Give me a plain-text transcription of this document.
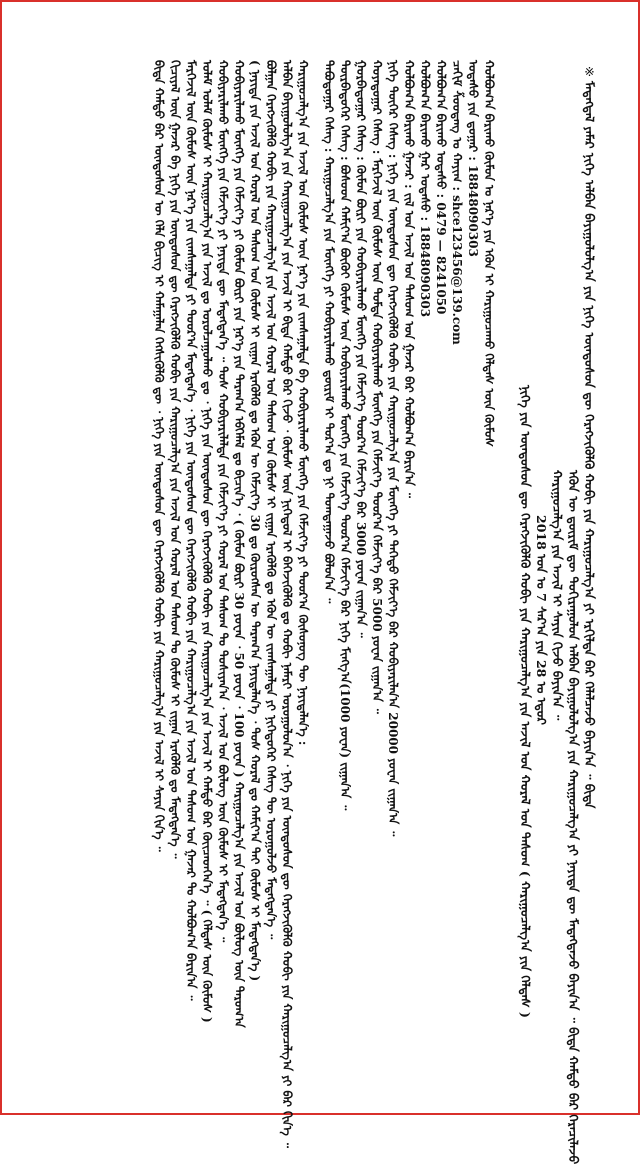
※ᠮᠡᠳᠡᠭᠳᠡᠯ ᠶᠠᠮᠠᠷ ᠨᠢᠭᠡ ᠠᠯᠪᠠᠨ ᠪᠠᠶᠢᠭᠤᠯᠤᠯᠭ᠎ᠠ ᠶᠢᠨ ᠨᠢᠭᠡ ᠦᠨᠳᠦᠰᠦᠨ ᠳᠦ ᠬᠡᠷᠡᠭᠵᠢᠭᠦᠯᠬᠦ ᠬᠤᠪᠢ ᠶᠢᠨ ᠬᠠᠷᠢᠭᠤᠴᠠᠯᠭ᠎ᠠ ᠶᠢ ᠡᠷᠭᠢᠯᠳᠡ ᠪᠠᠷ ᠬᠡᠯᠡᠯᠴᠡᠵᠦ ᠪᠠᠶᠢᠨ᠎ᠠ ᠃ ᠪᠢᠳᠡ
ᠡᠭᠦᠨ ᠦ ᠳ᠋ᠦᠷᠢᠮ ᠳᠦ ᠲᠤᠬᠢᠷᠠᠭᠤᠯᠤᠨ ᠠᠯᠪᠠᠨ ᠪᠠᠶᠢᠭᠤᠯᠤᠯᠭ᠎ᠠ ᠶᠢᠨ ᠬᠠᠷᠢᠭᠤᠴᠠᠯᠭ᠎ᠠ ᠶᠢ ᠨᠡᠶᠢᠲᠡ ᠳᠦ ᠮᠡᠳᠡᠭᠳᠡᠵᠦ ᠪᠠᠶᠢᠨ᠎ᠠ ᠃ ᠪᠢᠳᠡ ᠬᠠᠮᠲᠤ ᠪᠠᠷ ᠭᠡᠷᠡᠴᠢᠯᠡᠵᠦ
ᠬᠠᠷᠢᠭᠤᠴᠠᠯᠭ᠎ᠠ ᠶᠢᠨ ᠠᠵᠢᠯ ᠢ ᠰᠠᠶᠢᠨ ᠬᠢᠵᠦ ᠪᠠᠶᠢᠨ᠎ᠠ ᠃
2018 ᠤᠨ ᠤ 7 ᠰᠠᠷ᠎ᠠ ᠶᠢᠨ 28 ᠤ ᠡᠳᠦᠷ
ᠨᠢᠭᠡ ᠶᠢᠨ ᠦᠨᠳᠦᠰᠦᠨ ᠳᠦ ᠬᠡᠷᠡᠭᠵᠢᠭᠦᠯᠬᠦ ᠬᠤᠪᠢ ᠶᠢᠨ ᠬᠠᠷᠢᠭᠤᠴᠠᠯᠭ᠎ᠠ ᠶᠢᠨ ᠠᠵᠢᠯ ᠤᠨ ᠬᠤᠷᠠᠯ ᠤᠨ ᠲᠠᠰᠤᠭ ( ᠬᠠᠷᠢᠭᠤᠴᠠᠯᠭ᠎ᠠ ᠶᠢᠨ ᠬᠡᠯᠲᠡᠰ )
ᠬᠤᠯᠪᠤᠭ᠎ᠠ ᠪᠠᠷᠢᠬᠤ ᠬᠦᠮᠦᠨ ᠤ ᠨᠡᠷ᠎ᠡ ᠶᠢᠨ ᠡᠭᠦᠨ ᠢ ᠬᠠᠷᠢᠭᠤᠴᠠᠬᠤ ᠬᠡᠯᠲᠡᠰ ᠦᠨ ᠬᠦᠮᠦᠰ
ᠤᠲᠠᠰᠤ ᠶᠢᠨ ᠳ᠋ᠤᠭᠠᠷ : 18848090303
ᠴᠠᠬᠢᠮ ᠱᠤᠤᠳᠠᠩ ᠤ ᠬᠠᠶᠢᠭ : shce123456@139.com
ᠬᠤᠯᠪᠤᠭ᠎ᠠ ᠪᠠᠷᠢᠬᠤ ᠤᠲᠠᠰᠤ : 0479 — 8241050
ᠬᠤᠯᠪᠤᠭ᠎ᠠ ᠪᠠᠷᠢᠬᠤ ᠭᠠᠷ ᠤᠲᠠᠰᠤ : 18848090303
ᠬᠤᠯᠪᠤᠭ᠎ᠠ ᠪᠠᠷᠢᠬᠤ ᠭᠠᠵᠠᠷ : ᠵᠢᠯ ᠤᠨ ᠠᠵᠢᠯ ᠤᠨ ᠲᠠᠰᠤᠭ ᠤᠨ ᠭᠠᠵᠠᠷ ᠪᠠᠷ ᠬᠤᠯᠪᠤᠭ᠎ᠠ ᠪᠠᠷᠢᠨ᠎ᠠ ᠃
ᠨᠢᠭᠡ ᠳᠦᠭᠡᠷ ᠬᠡᠰᠡᠭ : ᠨᠢᠭᠡ ᠶᠢᠨ ᠦᠨᠳᠦᠰᠦᠨ ᠳᠦ ᠬᠡᠷᠡᠭᠵᠢᠭᠦᠯᠬᠦ ᠬᠤᠪᠢ ᠶᠢᠨ ᠬᠠᠷᠢᠭᠤᠴᠠᠯᠭ᠎ᠠ ᠶᠢᠨ ᠮᠥᠩᠭᠡ ᠶᠢ ᠳᠡᠭᠡᠳᠦ ᠬᠡᠮᠵᠢᠶ᠎ᠡ ᠪᠡᠷ ᠬᠤᠪᠢᠶᠠᠷᠢᠯᠠᠨ᠎ᠠ 20000 ᠶᠤᠸᠠᠨ ᠵᠢᠭᠠᠨ᠎ᠠ ᠃
ᠬᠤᠶᠠᠳᠤᠭᠠᠷ ᠬᠡᠰᠡᠭ : ᠮᠡᠷᠭᠡᠵᠢᠯ ᠦᠨ ᠬᠦᠮᠦᠰ ᠦᠨ ᠳᠤᠮᠳᠠ ᠬᠤᠪᠢᠶᠠᠷᠢᠯᠠᠬᠤ ᠮᠥᠩᠭᠡ ᠶᠢᠨ ᠬᠡᠮᠵᠢᠶ᠎ᠡ ᠳᠤᠤᠷ᠎ᠠ ᠬᠡᠮᠵᠢᠶ᠎ᠡ ᠪᠡᠷ 5000 ᠶᠤᠸᠠᠨ ᠵᠢᠭᠠᠨ᠎ᠠ ᠃
ᠭᠤᠷᠪᠠᠳᠤᠭᠠᠷ ᠬᠡᠰᠡᠭ : ᠬᠦᠮᠦᠨ ᠪᠦᠷᠢ ᠶᠢᠨ ᠬᠤᠪᠢᠶᠠᠷᠢᠯᠠᠬᠤ ᠮᠥᠩᠭᠡ ᠶᠢᠨ ᠬᠡᠮᠵᠢᠶ᠎ᠡ ᠳᠤᠤᠷ᠎ᠠ ᠬᠡᠮᠵᠢᠶ᠎ᠡ ᠪᠡᠷ 3000 ᠶᠤᠸᠠᠨ ᠵᠢᠭᠠᠨ᠎ᠠ ᠃
ᠳᠥᠷᠪᠡᠳᠦᠭᠡᠷ ᠬᠡᠰᠡᠭ : ᠪᠤᠰᠤᠳ ᠬᠠᠮᠢᠶ᠎ᠠ ᠪᠦᠬᠦᠢ ᠬᠦᠮᠦᠰ ᠦᠨ ᠬᠤᠪᠢᠶᠠᠷᠢᠯᠠᠬᠤ ᠮᠥᠩᠭᠡ ᠶᠢᠨ ᠬᠡᠮᠵᠢᠶ᠎ᠡ ᠳᠤᠤᠷ᠎ᠠ ᠬᠡᠮᠵᠢᠶ᠎ᠡ ᠪᠡᠷ ᠨᠢᠭᠡ ᠮᠢᠩᠭ᠎ᠠ(1000 ᠶᠤᠸᠠᠨ) ᠵᠢᠭᠠᠨ᠎ᠠ ᠃
ᠲᠠᠪᠤᠳᠤᠭᠠᠷ ᠬᠡᠰᠡᠭ : ᠬᠠᠷᠢᠭᠤᠴᠠᠯᠭ᠎ᠠ ᠶᠢᠨ ᠮᠥᠩᠭᠡ ᠶᠢ ᠬᠤᠪᠢᠶᠠᠷᠢᠯᠠᠬᠤ ᠳ᠋ᠦᠷᠢᠮ ᠢ ᠳᠤᠷ᠎ᠠ ᠳᠤ ᠨᠢ ᠲᠣᠭᠲᠠᠭᠠᠵᠤ ᠪᠣᠯᠤᠨ᠎ᠠ ᠃
ᠬᠠᠷᠢᠭᠤᠴᠠᠯᠭ᠎ᠠ ᠶᠢᠨ ᠠᠵᠢᠯ ᠤᠨ ᠬᠦᠮᠦᠰ ᠦᠨ ᠨᠡᠷ᠎ᠡ ᠶᠢᠨ ᠵᠢᠭᠰᠠᠭᠠᠯᠲᠠ ᠪᠠ ᠬᠤᠪᠢᠶᠠᠷᠢᠯᠠᠬᠤ ᠮᠥᠩᠭᠡ ᠶᠢᠨ ᠬᠡᠮᠵᠢᠶ᠎ᠡ ᠶᠢ ᠳᠣᠣᠷ᠎ᠠ ᠬᠦᠰᠦᠨᠦᠭ ᠲᠦ ᠨᠡᠶᠢᠲᠡᠯᠡᠨ᠎ᠡ :
ᠠᠯᠪᠠᠨ ᠪᠠᠶᠢᠭᠤᠯᠤᠯᠭ᠎ᠠ ᠶᠢᠨ ᠬᠠᠷᠢᠭᠤᠴᠠᠯᠭ᠎ᠠ ᠶᠢᠨ ᠠᠵᠢᠯ ᠢ ᠪᠢᠳᠡ ᠬᠠᠮᠲᠤ ᠪᠠᠷ ᠬᠢᠵᠦ ᠂ ᠬᠦᠮᠦᠰ ᠦᠨ ᠨᠢᠭᠡᠳᠦᠯ ᠢ ᠪᠡᠬᠡᠵᠢᠭᠦᠯᠬᠦ ᠳᠤ ᠬᠤᠪᠢ ᠨᠡᠮᠡᠷᠢ ᠣᠷᠣᠭᠤᠯᠤᠨ᠎ᠠ ᠂ ᠨᠢᠭᠡ ᠶᠢᠨ ᠦᠨᠳᠦᠰᠦᠨ ᠳᠦ ᠬᠡᠷᠡᠭᠵᠢᠭᠦᠯᠬᠦ ᠬᠤᠪᠢ ᠶᠢᠨ ᠬᠠᠷᠢᠭᠤᠴᠠᠯᠭ᠎ᠠ ᠶᠢ ᠪᠠᠷ ᠬᠢᠨ᠎ᠡ ᠃
ᠪᠣᠯᠭᠠᠨ ᠬᠡᠷᠡᠭᠵᠢᠭᠦᠯᠬᠦ ᠬᠤᠪᠢ ᠶᠢᠨ ᠬᠠᠷᠢᠭᠤᠴᠠᠯᠭ᠎ᠠ ᠶᠢᠨ ᠠᠵᠢᠯ ᠤᠨ ᠬᠤᠷᠠᠯ ᠤᠨ ᠲᠠᠰᠤᠭ ᠤᠨ ᠬᠦᠮᠦᠰ ᠢ ᠵᠢᠭᠠᠨ ᠡᠷᠡᠭᠦᠯᠬᠦ ᠳᠤ ᠡᠭᠦᠨ ᠦ ᠵᠢᠭᠰᠠᠭᠠᠯᠲᠠ ᠶᠢ ᠨᠢᠭᠡᠳᠦᠭᠡᠷ ᠬᠡᠰᠡᠭ ᠲᠦ ᠣᠷᠣᠭᠤᠯᠵᠤ ᠮᠡᠳᠡᠭᠳᠡᠨ᠎ᠡ ᠃
( ᠨᠡᠶᠢᠲᠡ ᠶᠢᠨ ᠠᠵᠢᠯ ᠤᠨ ᠬᠤᠷᠠᠯ ᠤᠨ ᠲᠠᠰᠤᠭ ᠤᠨ ᠬᠦᠮᠦᠰ ᠢ ᠵᠢᠭᠠᠨ ᠡᠷᠡᠭᠦᠯᠬᠦ ᠳᠤ ᠡᠭᠦᠨ ᠦ ᠬᠡᠮᠵᠢᠶ᠎ᠡ 30 ᠳᠤ ᠭᠦᠷᠦᠭᠰᠡᠨ ᠦ ᠳᠠᠷᠠᠭ᠎ᠠ ᠨᠡᠶᠢᠲᠡᠯᠡᠨ᠎ᠡ ᠂ ᠲᠤᠰ ᠬᠤᠷᠠᠯ ᠳᠤ ᠬᠠᠮᠢᠶ᠎ᠠ ᠲᠠᠢ ᠬᠦᠮᠦᠰ ᠢ ᠮᠡᠳᠡᠭᠳᠡᠨ᠎ᠡ )
ᠬᠤᠪᠢᠶᠠᠷᠢᠯᠠᠬᠤ ᠮᠥᠩᠭᠡ ᠶᠢᠨ ᠬᠡᠮᠵᠢᠶ᠎ᠡ ᠶᠢ ᠬᠦᠮᠦᠨ ᠪᠦᠷᠢ ᠶᠢᠨ ᠨᠡᠷ᠎ᠡ ᠶᠢᠨ ᠳᠠᠷᠠᠭ᠎ᠠ ᠡᠪᠬᠡᠮᠡᠯ ᠳᠤ ᠪᠢᠴᠢᠨ᠎ᠡ ᠂ ( ᠬᠦᠮᠦᠨ ᠪᠦᠷᠢ 30 ᠶᠤᠸᠠᠨ ᠂ 50 ᠶᠤᠸᠠᠨ ᠂ 100 ᠶᠤᠸᠠᠨ ) ᠬᠠᠷᠢᠭᠤᠴᠠᠯᠭ᠎ᠠ ᠶᠢᠨ ᠠᠵᠢᠯ ᠤᠨ ᠪᠦᠯᠦᠭ ᠦᠨ ᠳᠠᠷᠤᠭ᠎ᠠ
ᠬᠤᠪᠢᠶᠠᠷᠢᠯᠠᠬᠤ ᠮᠥᠩᠭᠡ ᠶᠢᠨ ᠬᠡᠮᠵᠢᠶ᠎ᠡ ᠶᠢ ᠨᠡᠶᠢᠲᠡ ᠳᠦ ᠮᠡᠳᠡᠭᠳᠡᠨ᠎ᠡ ᠃ ᠲᠤᠰ ᠬᠤᠪᠢᠶᠠᠷᠢᠯᠠᠯᠲᠠ ᠶᠢᠨ ᠬᠡᠮᠵᠢᠶ᠎ᠡ ᠶᠢ ᠬᠤᠷᠠᠯ ᠤᠨ ᠲᠠᠰᠤᠭ ᠲᠤ ᠲᠤᠰᠢᠶᠠᠨ᠎ᠠ ᠂ ᠠᠵᠢᠯ ᠤᠨ ᠪᠦᠯᠦᠭ ᠦᠨ ᠬᠦᠮᠦᠰ ᠢ ᠮᠡᠳᠡᠭᠳᠡᠨ᠎ᠡ ᠃
ᠤᠯᠠᠮ ᠤᠯᠠᠮ ᠬᠦᠮᠦᠰ ᠢ ᠬᠠᠷᠢᠭᠤᠴᠠᠯᠭ᠎ᠠ ᠶᠢᠨ ᠠᠵᠢᠯ ᠳᠤ ᠣᠷᠣᠯᠴᠠᠭᠤᠯᠬᠤ ᠳᠤ ᠂ ᠨᠢᠭᠡ ᠶᠢᠨ ᠦᠨᠳᠦᠰᠦᠨ ᠳᠦ ᠬᠡᠷᠡᠭᠵᠢᠭᠦᠯᠬᠦ ᠬᠤᠪᠢ ᠶᠢᠨ ᠬᠠᠷᠢᠭᠤᠴᠠᠯᠭ᠎ᠠ ᠶᠢᠨ ᠠᠵᠢᠯ ᠢ ᠬᠠᠮᠲᠤ ᠪᠠᠷ ᠭᠦᠢᠴᠡᠳᠭᠡᠨ᠎ᠡ ᠃ ( ᠬᠡᠯᠲᠡᠰ ᠦᠨ ᠬᠦᠮᠦᠰ )
ᠮᠡᠷᠭᠡᠵᠢᠯ ᠦᠨ ᠬᠦᠮᠦᠰ ᠦᠨ ᠨᠡᠷ᠎ᠡ ᠶᠢᠨ ᠵᠢᠭᠰᠠᠭᠠᠯᠲᠠ ᠶᠢ ᠳᠣᠣᠷ᠎ᠠ ᠮᠡᠳᠡᠭᠳᠡᠨ᠎ᠡ ᠂ ᠨᠢᠭᠡ ᠶᠢᠨ ᠦᠨᠳᠦᠰᠦᠨ ᠳᠦ ᠬᠡᠷᠡᠭᠵᠢᠭᠦᠯᠬᠦ ᠬᠤᠪᠢ ᠶᠢᠨ ᠬᠠᠷᠢᠭᠤᠴᠠᠯᠭ᠎ᠠ ᠶᠢᠨ ᠠᠵᠢᠯ ᠤᠨ ᠲᠠᠰᠤᠭ ᠤᠨ ᠭᠠᠵᠠᠷ ᠲᠤ ᠬᠤᠯᠪᠤᠭ᠎ᠠ ᠪᠠᠷᠢᠨ᠎ᠠ ᠃
ᠬᠢᠴᠢᠶᠡᠯ ᠦᠨ ᠭᠠᠵᠠᠷ ᠪᠠ ᠨᠢᠭᠡ ᠶᠢᠨ ᠦᠨᠳᠦᠰᠦᠨ ᠳᠦ ᠬᠡᠷᠡᠭᠵᠢᠭᠦᠯᠬᠦ ᠬᠤᠪᠢ ᠶᠢᠨ ᠬᠠᠷᠢᠭᠤᠴᠠᠯᠭ᠎ᠠ ᠶᠢᠨ ᠠᠵᠢᠯ ᠤᠨ ᠬᠤᠷᠠᠯ ᠤᠨ ᠲᠠᠰᠤᠭ ᠲᠤ ᠬᠦᠮᠦᠰ ᠢ ᠵᠢᠭᠠᠨ ᠡᠷᠡᠭᠦᠯᠬᠦ ᠳᠤ ᠮᠡᠳᠡᠭᠳᠡᠨ᠎ᠡ ᠃
ᠪᠢᠳᠡ ᠬᠠᠮᠲᠤ ᠪᠠᠷ ᠦᠨᠳᠦᠰᠦᠨ ᠦ ᠬᠡᠯᠡ ᠪᠢᠴᠢᠭ ᠢ ᠬᠠᠮᠠᠭᠠᠯᠠᠨ ᠬᠡᠭᠰᠢᠭᠦᠯᠬᠦ ᠳᠦ ᠂ ᠨᠢᠭᠡ ᠶᠢᠨ ᠦᠨᠳᠦᠰᠦᠨ ᠳᠦ ᠬᠡᠷᠡᠭᠵᠢᠭᠦᠯᠬᠦ ᠬᠤᠪᠢ ᠶᠢᠨ ᠬᠠᠷᠢᠭᠤᠴᠠᠯᠭ᠎ᠠ ᠶᠢᠨ ᠠᠵᠢᠯ ᠢ ᠰᠠᠶᠢᠨ ᠬᠢᠨ᠎ᠡ ᠃
